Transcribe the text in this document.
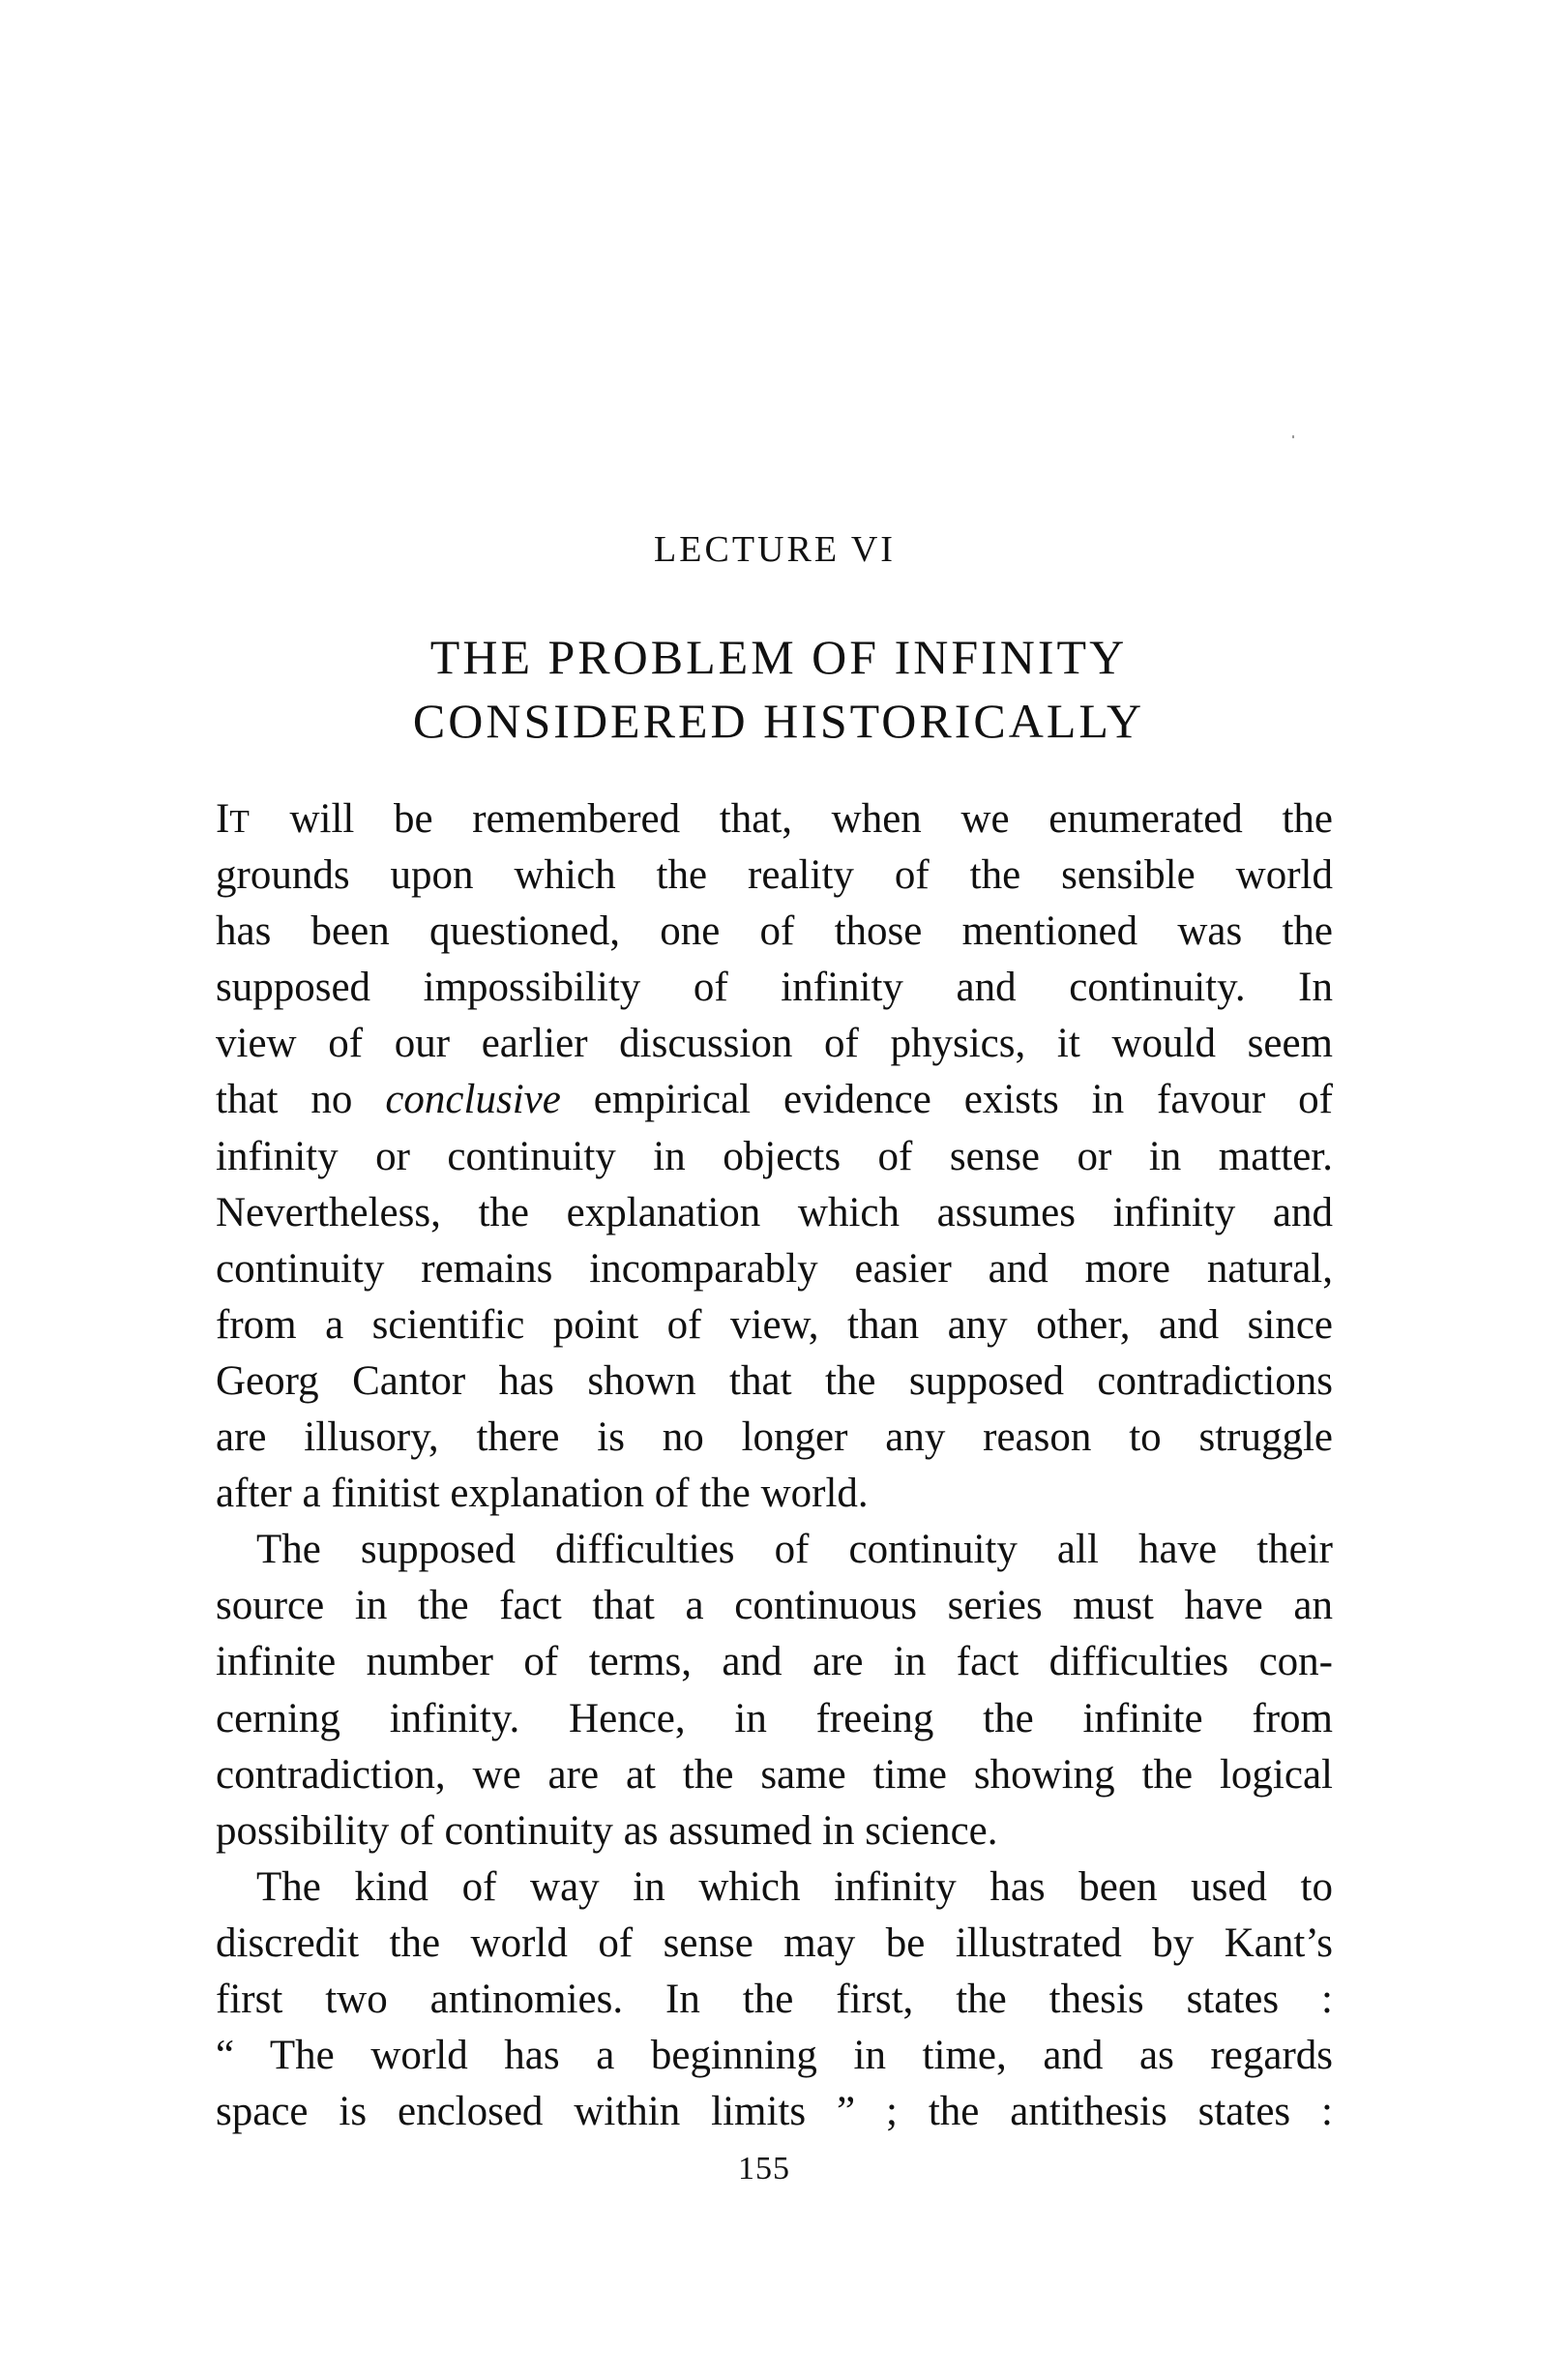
LECTURE VI
THE PROBLEM OF INFINITY
CONSIDERED HISTORICALLY
IT will be remembered that, when we enumerated the
grounds upon which the reality of the sensible world
has been questioned, one of those mentioned was the
supposed impossibility of infinity and continuity. In
view of our earlier discussion of physics, it would seem
that no conclusive empirical evidence exists in favour of
infinity or continuity in objects of sense or in matter.
Nevertheless, the explanation which assumes infinity and
continuity remains incomparably easier and more natural,
from a scientific point of view, than any other, and since
Georg Cantor has shown that the supposed contradictions
are illusory, there is no longer any reason to struggle
after a finitist explanation of the world.
The supposed difficulties of continuity all have their
source in the fact that a continuous series must have an
infinite number of terms, and are in fact difficulties con-
cerning infinity. Hence, in freeing the infinite from
contradiction, we are at the same time showing the logical
possibility of continuity as assumed in science.
The kind of way in which infinity has been used to
discredit the world of sense may be illustrated by Kant’s
first two antinomies. In the first, the thesis states :
“ The world has a beginning in time, and as regards
space is enclosed within limits ” ; the antithesis states :
155
